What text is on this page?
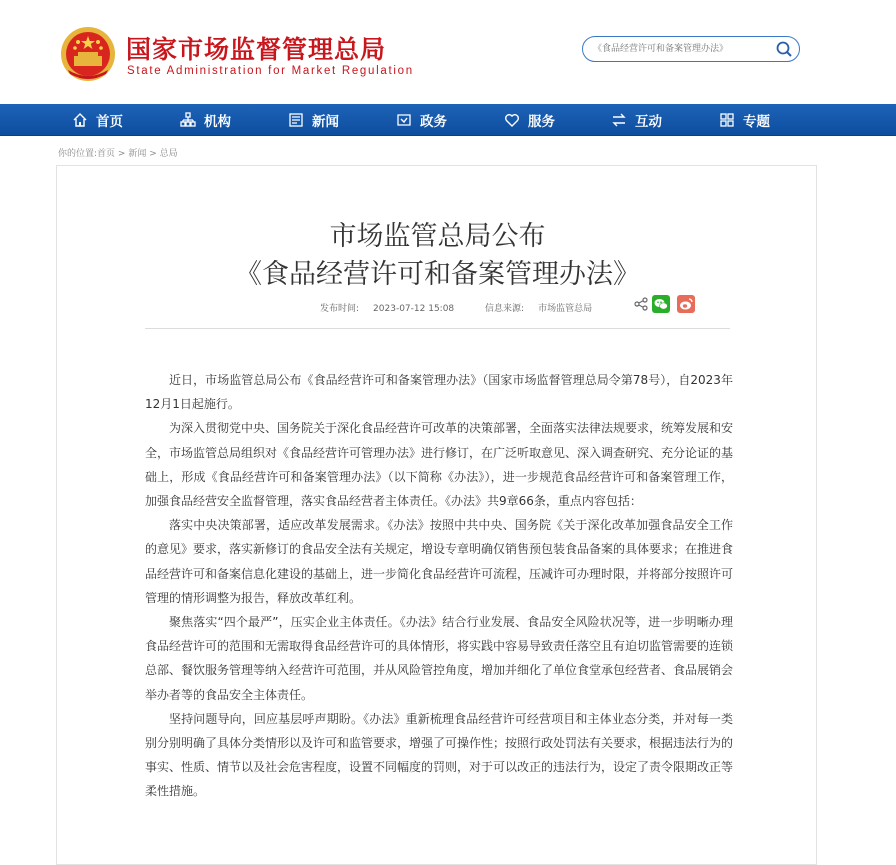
国家市场监督管理总局
State Administration for Market Regulation
《食品经营许可和备案管理办法》
首页	机构	新闻	政务	服务	互动	专题
你的位置:首页 > 新闻 > 总局
市场监管总局公布
《食品经营许可和备案管理办法》
发布时间: 2023-07-12 15:08	信息来源: 市场监管总局

近日，市场监管总局公布《食品经营许可和备案管理办法》（国家市场监督管理总局令第78号），自2023年12月1日起施行。

为深入贯彻党中央、国务院关于深化食品经营许可改革的决策部署，全面落实法律法规要求，统筹发展和安全，市场监管总局组织对《食品经营许可管理办法》进行修订，在广泛听取意见、深入调查研究、充分论证的基础上，形成《食品经营许可和备案管理办法》（以下简称《办法》），进一步规范食品经营许可和备案管理工作，加强食品经营安全监督管理，落实食品经营者主体责任。《办法》共9章66条，重点内容包括：

落实中央决策部署，适应改革发展需求。《办法》按照中共中央、国务院《关于深化改革加强食品安全工作的意见》要求，落实新修订的食品安全法有关规定，增设专章明确仅销售预包装食品备案的具体要求；在推进食品经营许可和备案信息化建设的基础上，进一步简化食品经营许可流程，压减许可办理时限，并将部分按照许可管理的情形调整为报告，释放改革红利。

聚焦落实“四个最严”，压实企业主体责任。《办法》结合行业发展、食品安全风险状况等，进一步明晰办理食品经营许可的范围和无需取得食品经营许可的具体情形，将实践中容易导致责任落空且有迫切监管需要的连锁总部、餐饮服务管理等纳入经营许可范围，并从风险管控角度，增加并细化了单位食堂承包经营者、食品展销会举办者等的食品安全主体责任。

坚持问题导向，回应基层呼声期盼。《办法》重新梳理食品经营许可经营项目和主体业态分类，并对每一类别分别明确了具体分类情形以及许可和监管要求，增强了可操作性；按照行政处罚法有关要求，根据违法行为的事实、性质、情节以及社会危害程度，设置不同幅度的罚则，对于可以改正的违法行为，设定了责令限期改正等柔性措施。
